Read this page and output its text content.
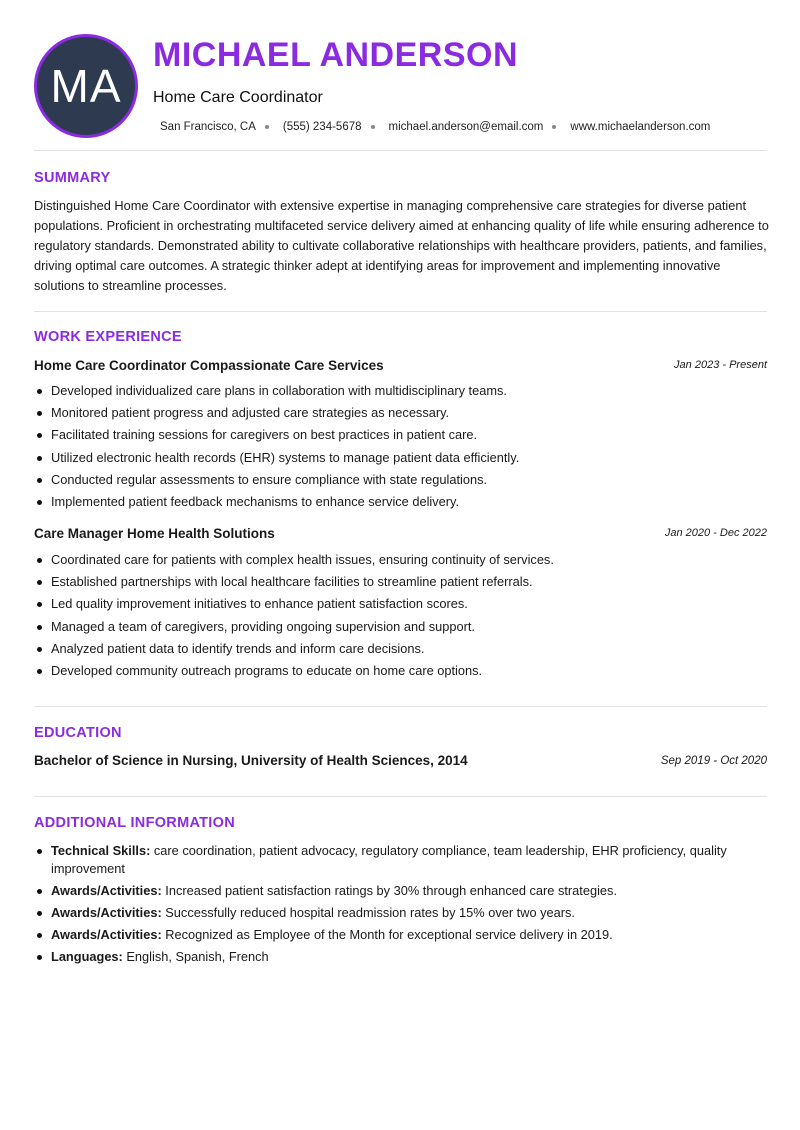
MA
MICHAEL ANDERSON
Home Care Coordinator
San Francisco, CA (555) 234-5678 michael.anderson@email.com www.michaelanderson.com
SUMMARY
Distinguished Home Care Coordinator with extensive expertise in managing comprehensive care strategies for diverse patient populations. Proficient in orchestrating multifaceted service delivery aimed at enhancing quality of life while ensuring adherence to regulatory standards. Demonstrated ability to cultivate collaborative relationships with healthcare providers, patients, and families, driving optimal care outcomes. A strategic thinker adept at identifying areas for improvement and implementing innovative solutions to streamline processes.
WORK EXPERIENCE
Home Care Coordinator Compassionate Care Services	Jan 2023 - Present
Developed individualized care plans in collaboration with multidisciplinary teams.
Monitored patient progress and adjusted care strategies as necessary.
Facilitated training sessions for caregivers on best practices in patient care.
Utilized electronic health records (EHR) systems to manage patient data efficiently.
Conducted regular assessments to ensure compliance with state regulations.
Implemented patient feedback mechanisms to enhance service delivery.
Care Manager Home Health Solutions	Jan 2020 - Dec 2022
Coordinated care for patients with complex health issues, ensuring continuity of services.
Established partnerships with local healthcare facilities to streamline patient referrals.
Led quality improvement initiatives to enhance patient satisfaction scores.
Managed a team of caregivers, providing ongoing supervision and support.
Analyzed patient data to identify trends and inform care decisions.
Developed community outreach programs to educate on home care options.
EDUCATION
Bachelor of Science in Nursing, University of Health Sciences, 2014	Sep 2019 - Oct 2020
ADDITIONAL INFORMATION
Technical Skills: care coordination, patient advocacy, regulatory compliance, team leadership, EHR proficiency, quality improvement
Awards/Activities: Increased patient satisfaction ratings by 30% through enhanced care strategies.
Awards/Activities: Successfully reduced hospital readmission rates by 15% over two years.
Awards/Activities: Recognized as Employee of the Month for exceptional service delivery in 2019.
Languages: English, Spanish, French
